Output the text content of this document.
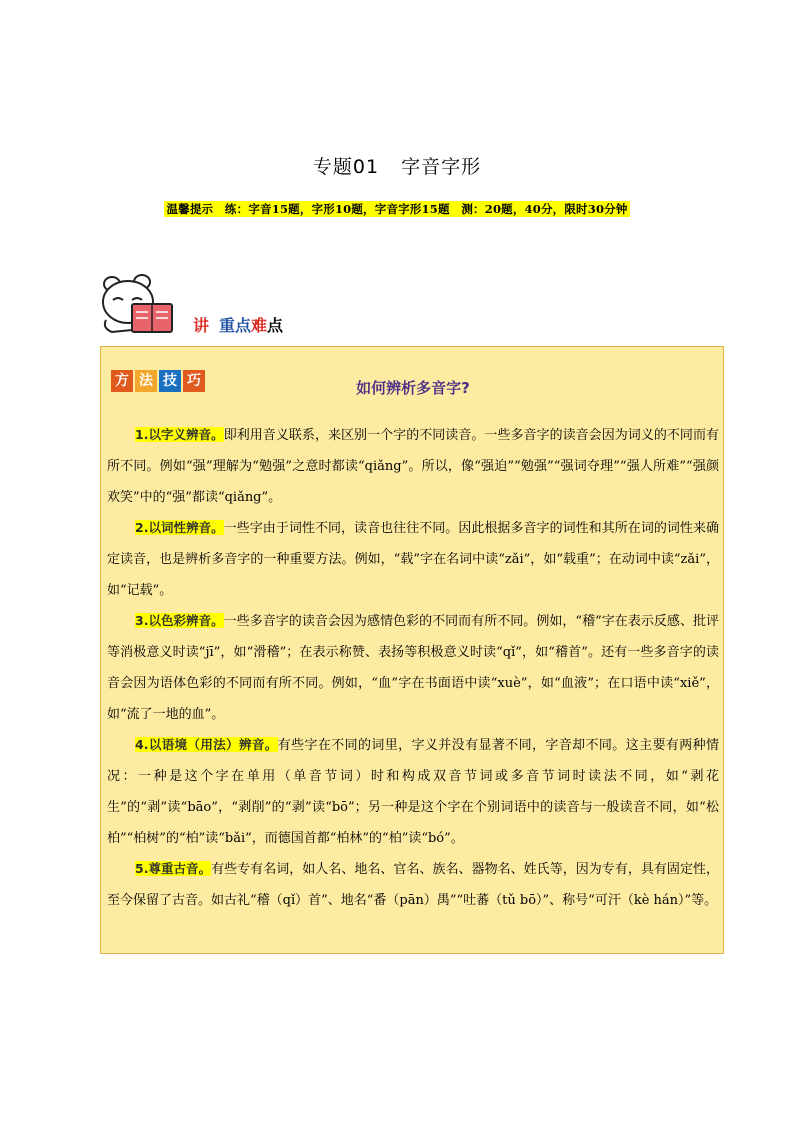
专题01 字音字形
温馨提示　练：字音15题，字形10题，字音字形15题　测：20题，40分，限时30分钟
讲 重点难点
方 法 技 巧	如何辨析多音字?
1.以字义辨音。即利用音义联系，来区别一个字的不同读音。一些多音字的读音会因为词义的不同而有所不同。例如“强”理解为“勉强”之意时都读“qiǎng”。所以，像“强迫”“勉强”“强词夺理”“强人所难”“强颜欢笑”中的“强”都读“qiǎng”。
2.以词性辨音。一些字由于词性不同，读音也往往不同。因此根据多音字的词性和其所在词的词性来确定读音，也是辨析多音字的一种重要方法。例如，“载”字在名词中读“zǎi”，如“载重”；在动词中读“zǎi”，如“记载”。
3.以色彩辨音。一些多音字的读音会因为感情色彩的不同而有所不同。例如，“稽”字在表示反感、批评等消极意义时读“jī”，如“滑稽”；在表示称赞、表扬等积极意义时读“qǐ”，如“稽首”。还有一些多音字的读音会因为语体色彩的不同而有所不同。例如，“血”字在书面语中读“xuè”，如“血液”；在口语中读“xiě”，如“流了一地的血”。
4.以语境（用法）辨音。有些字在不同的词里，字义并没有显著不同，字音却不同。这主要有两种情况：一种是这个字在单用（单音节词）时和构成双音节词或多音节词时读法不同，如“剥花生”的“剥”读“bāo”，“剥削”的“剥”读“bō”；另一种是这个字在个别词语中的读音与一般读音不同，如“松柏”“柏树”的“柏”读“bǎi”，而德国首都“柏林”的“柏”读“bó”。
5.尊重古音。有些专有名词，如人名、地名、官名、族名、器物名、姓氏等，因为专有，具有固定性，至今保留了古音。如古礼“稽（qǐ）首”、地名“番（pān）禺”“吐蕃（tǔ bō）”、称号“可汗（kè hán）”等。
